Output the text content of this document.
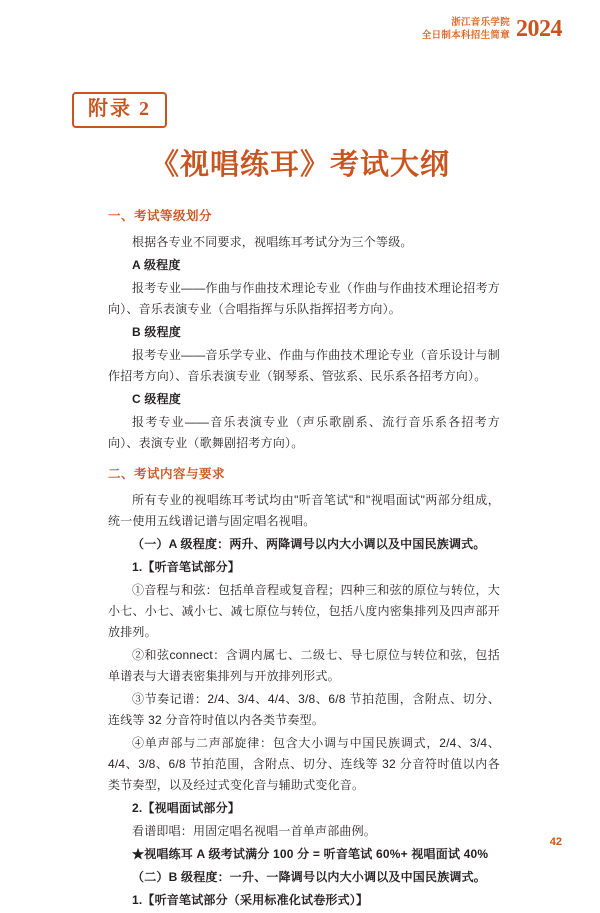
浙江音乐学院
全日制本科招生简章 2024
附录 2
《视唱练耳》考试大纲
一、考试等级划分

根据各专业不同要求，视唱练耳考试分为三个等级。

A 级程度

报考专业——作曲与作曲技术理论专业（作曲与作曲技术理论招考方向）、音乐表演专业（合唱指挥与乐队指挥招考方向）。

B 级程度

报考专业——音乐学专业、作曲与作曲技术理论专业（音乐设计与制作招考方向）、音乐表演专业（钢琴系、管弦系、民乐系各招考方向）。

C 级程度

报考专业——音乐表演专业（声乐歌剧系、流行音乐系各招考方向）、表演专业（歌舞剧招考方向）。

二、考试内容与要求

所有专业的视唱练耳考试均由"听音笔试"和"视唱面试"两部分组成，统一使用五线谱记谱与固定唱名视唱。

（一）A 级程度：两升、两降调号以内大小调以及中国民族调式。

1.【听音笔试部分】

①音程与和弦：包括单音程或复音程；四种三和弦的原位与转位，大小七、小七、减小七、减七原位与转位，包括八度内密集排列及四声部开放排列。

②和弦connect：含调内属七、二级七、导七原位与转位和弦，包括单谱表与大谱表密集排列与开放排列形式。

③节奏记谱：2/4、3/4、4/4、3/8、6/8 节拍范围，含附点、切分、连线等 32 分音符时值以内各类节奏型。

④单声部与二声部旋律：包含大小调与中国民族调式，2/4、3/4、4/4、3/8、6/8 节拍范围，含附点、切分、连线等 32 分音符时值以内各类节奏型，以及经过式变化音与辅助式变化音。

2.【视唱面试部分】

看谱即唱：用固定唱名视唱一首单声部曲例。

★视唱练耳 A 级考试满分 100 分 = 听音笔试 60%+ 视唱面试 40%

（二）B 级程度：一升、一降调号以内大小调以及中国民族调式。

1.【听音笔试部分（采用标准化试卷形式）】

42
